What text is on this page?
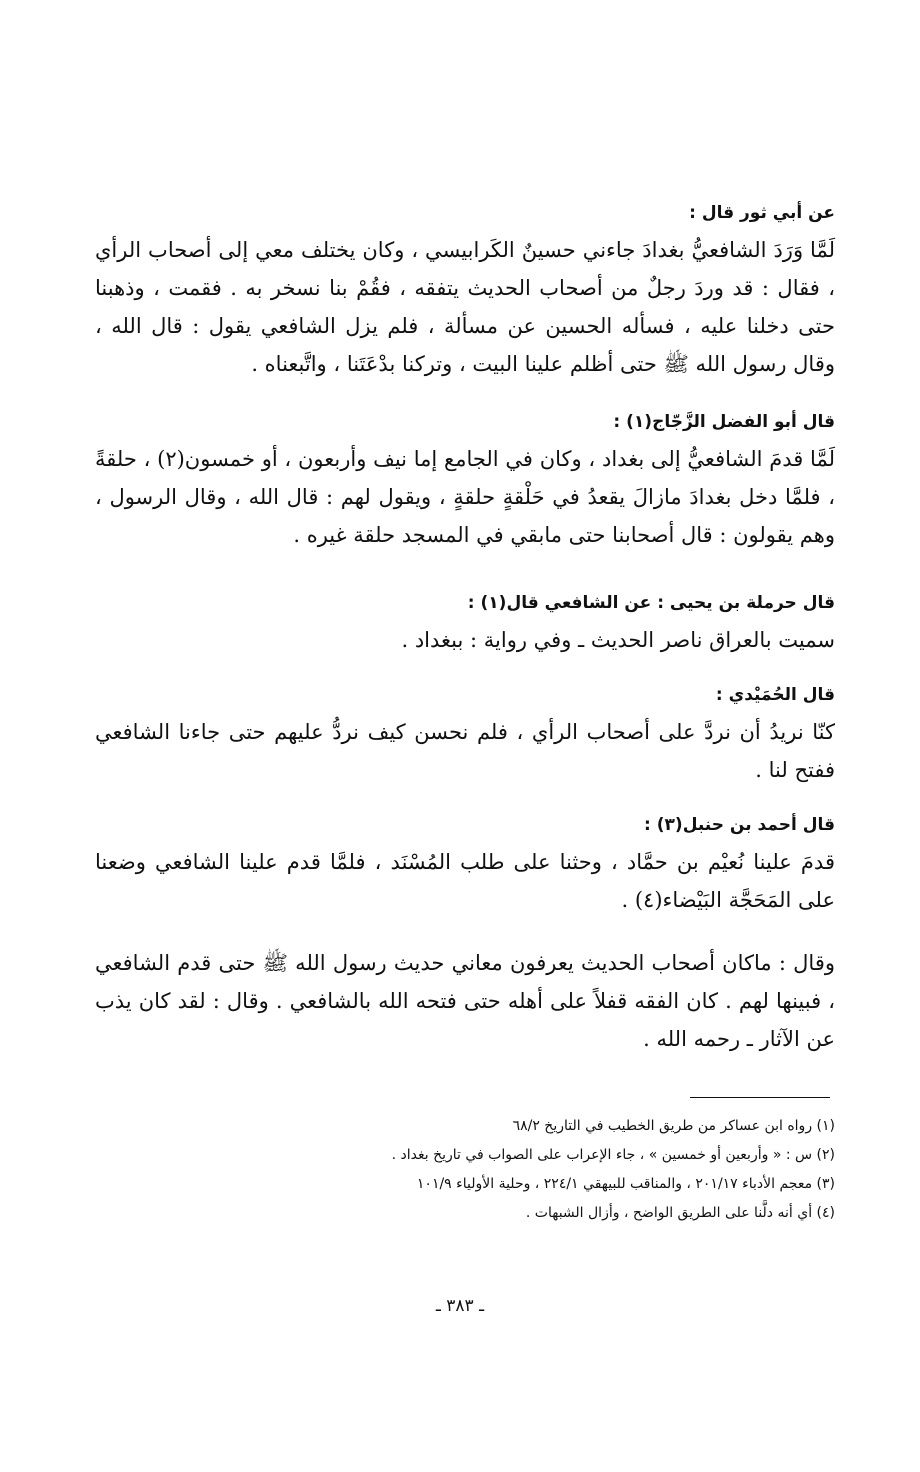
عن أبي ثور قال :

لَمَّا وَرَدَ الشافعيُّ بغدادَ جاءني حسينٌ الكَرابيسي ، وكان يختلف معي إلى أصحاب الرأي ، فقال : قد وردَ رجلٌ من أصحاب الحديث يتفقه ، فقُمْ بنا نسخر به . فقمت ، وذهبنا حتى دخلنا عليه ، فسأله الحسين عن مسألة ، فلم يزل الشافعي يقول : قال الله ، وقال رسول الله ﷺ حتى أظلم علينا البيت ، وتركنا بدْعَتَنا ، واتَّبعناه .

قال أبو الفضل الزَّجّاج(١) :

لَمَّا قدمَ الشافعيُّ إلى بغداد ، وكان في الجامع إما نيف وأربعون ، أو خمسون(٢) ، حلقةً ، فلمَّا دخل بغدادَ مازالَ يقعدُ في حَلْقةٍ حلقةٍ ، ويقول لهم : قال الله ، وقال الرسول ، وهم يقولون : قال أصحابنا حتى مابقي في المسجد حلقة غيره .

قال حرملة بن يحيى : عن الشافعي قال(١) :

سميت بالعراق ناصر الحديث ـ وفي رواية : ببغداد .

قال الحُمَيْدي :

كنّا نريدُ أن نردَّ على أصحاب الرأي ، فلم نحسن كيف نردُّ عليهم حتى جاءنا الشافعي ففتح لنا .

قال أحمد بن حنبل(٣) :

قدمَ علينا نُعيْم بن حمَّاد ، وحثنا على طلب المُسْنَد ، فلمَّا قدم علينا الشافعي وضعنا على المَحَجَّة البَيْضاء(٤) .

وقال : ماكان أصحاب الحديث يعرفون معاني حديث رسول الله ﷺ حتى قدم الشافعي ، فبينها لهم . كان الفقه قفلاً على أهله حتى فتحه الله بالشافعي . وقال : لقد كان يذب عن الآثار ـ رحمه الله .

(١) رواه ابن عساكر من طريق الخطيب في التاريخ ٦٨/٢

(٢) س : « وأربعين أو خمسين » ، جاء الإعراب على الصواب في تاريخ بغداد .

(٣) معجم الأدباء ٢٠١/١٧ ، والمناقب للبيهقي ٢٢٤/١ ، وحلية الأولياء ١٠١/٩

(٤) أي أنه دلَّنا على الطريق الواضح ، وأزال الشبهات .

ـ ٣٨٣ ـ
